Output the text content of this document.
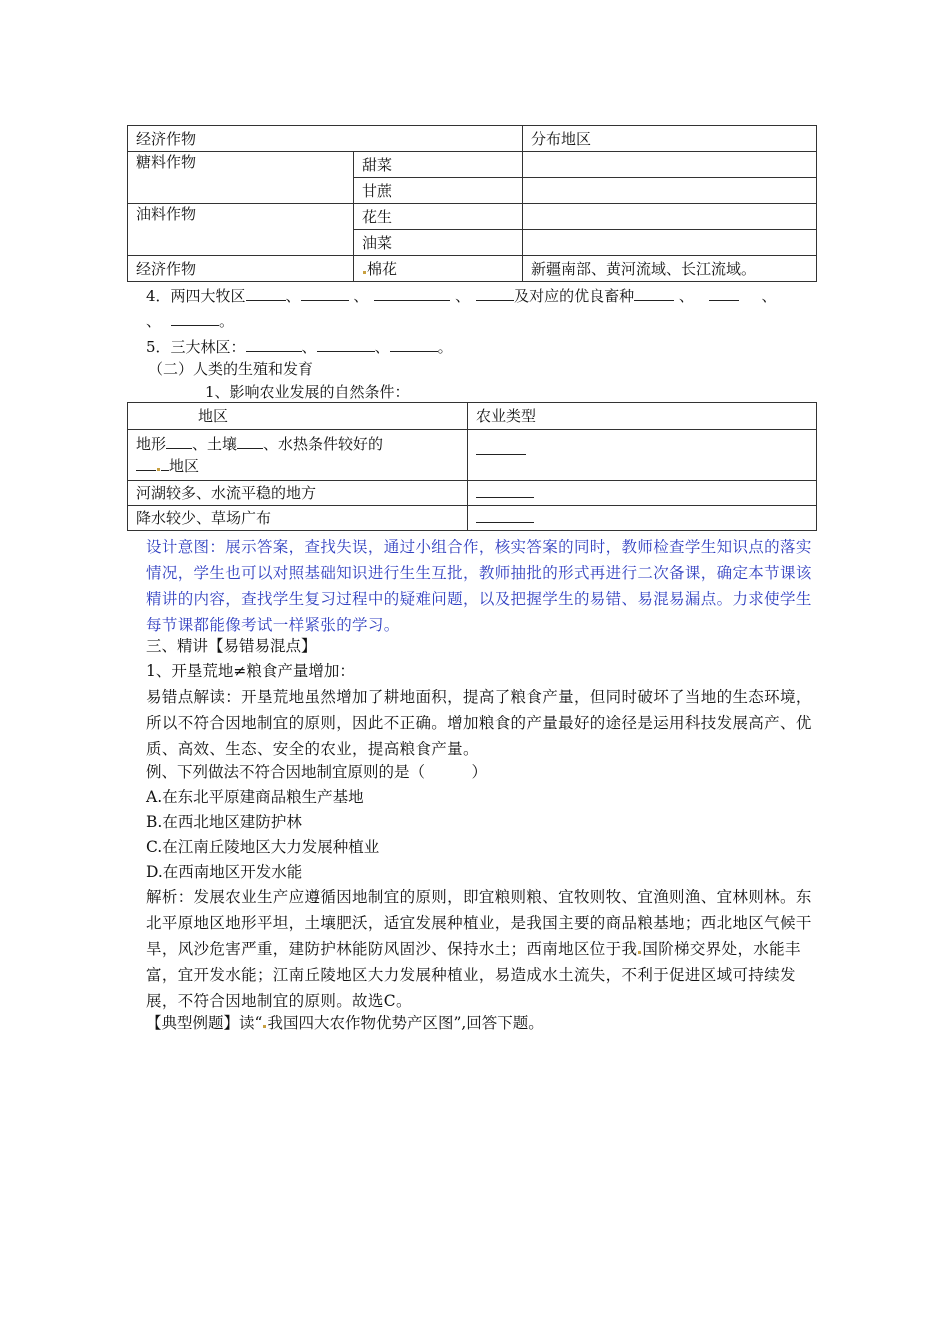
经济作物		分布地区
糖料作物	甜菜	
	甘蔗	
油料作物	花生	
	油菜	
经济作物	棉花	新疆南部、黄河流域、长江流域。
4．两四大牧区	、	、	、	及对应的优良畜种	、	、
、	。
5．三大林区：	、	、	。
（二）人类的生殖和发育
1、影响农业发展的自然条件：
地区	农业类型
地形 、土壤 、水热条件较好的
地区	
河湖较多、水流平稳的地方	
降水较少、草场广布	
设计意图：展示答案，查找失误，通过小组合作，核实答案的同时，教师检查学生知识点的落实情况，学生也可以对照基础知识进行生生互批，教师抽批的形式再进行二次备课，确定本节课该精讲的内容，查找学生复习过程中的疑难问题，以及把握学生的易错、易混易漏点。力求使学生每节课都能像考试一样紧张的学习。
三、精讲【易错易混点】
1、开垦荒地≠粮食产量增加：
易错点解读：开垦荒地虽然增加了耕地面积，提高了粮食产量，但同时破坏了当地的生态环境，所以不符合因地制宜的原则，因此不正确。增加粮食的产量最好的途径是运用科技发展高产、优质、高效、生态、安全的农业，提高粮食产量。
例、下列做法不符合因地制宜原则的是（　　　）
A.在东北平原建商品粮生产基地
B.在西北地区建防护林
C.在江南丘陵地区大力发展种植业
D.在西南地区开发水能
解析：发展农业生产应遵循因地制宜的原则，即宜粮则粮、宜牧则牧、宜渔则渔、宜林则林。东北平原地区地形平坦，土壤肥沃，适宜发展种植业，是我国主要的商品粮基地；西北地区气候干旱，风沙危害严重，建防护林能防风固沙、保持水土；西南地区位于我 国阶梯交界处，水能丰富，宜开发水能；江南丘陵地区大力发展种植业，易造成水土流失，不利于促进区域可持续发展，不符合因地制宜的原则。故选C。
【典型例题】读“ 我国四大农作物优势产区图”,回答下题。
